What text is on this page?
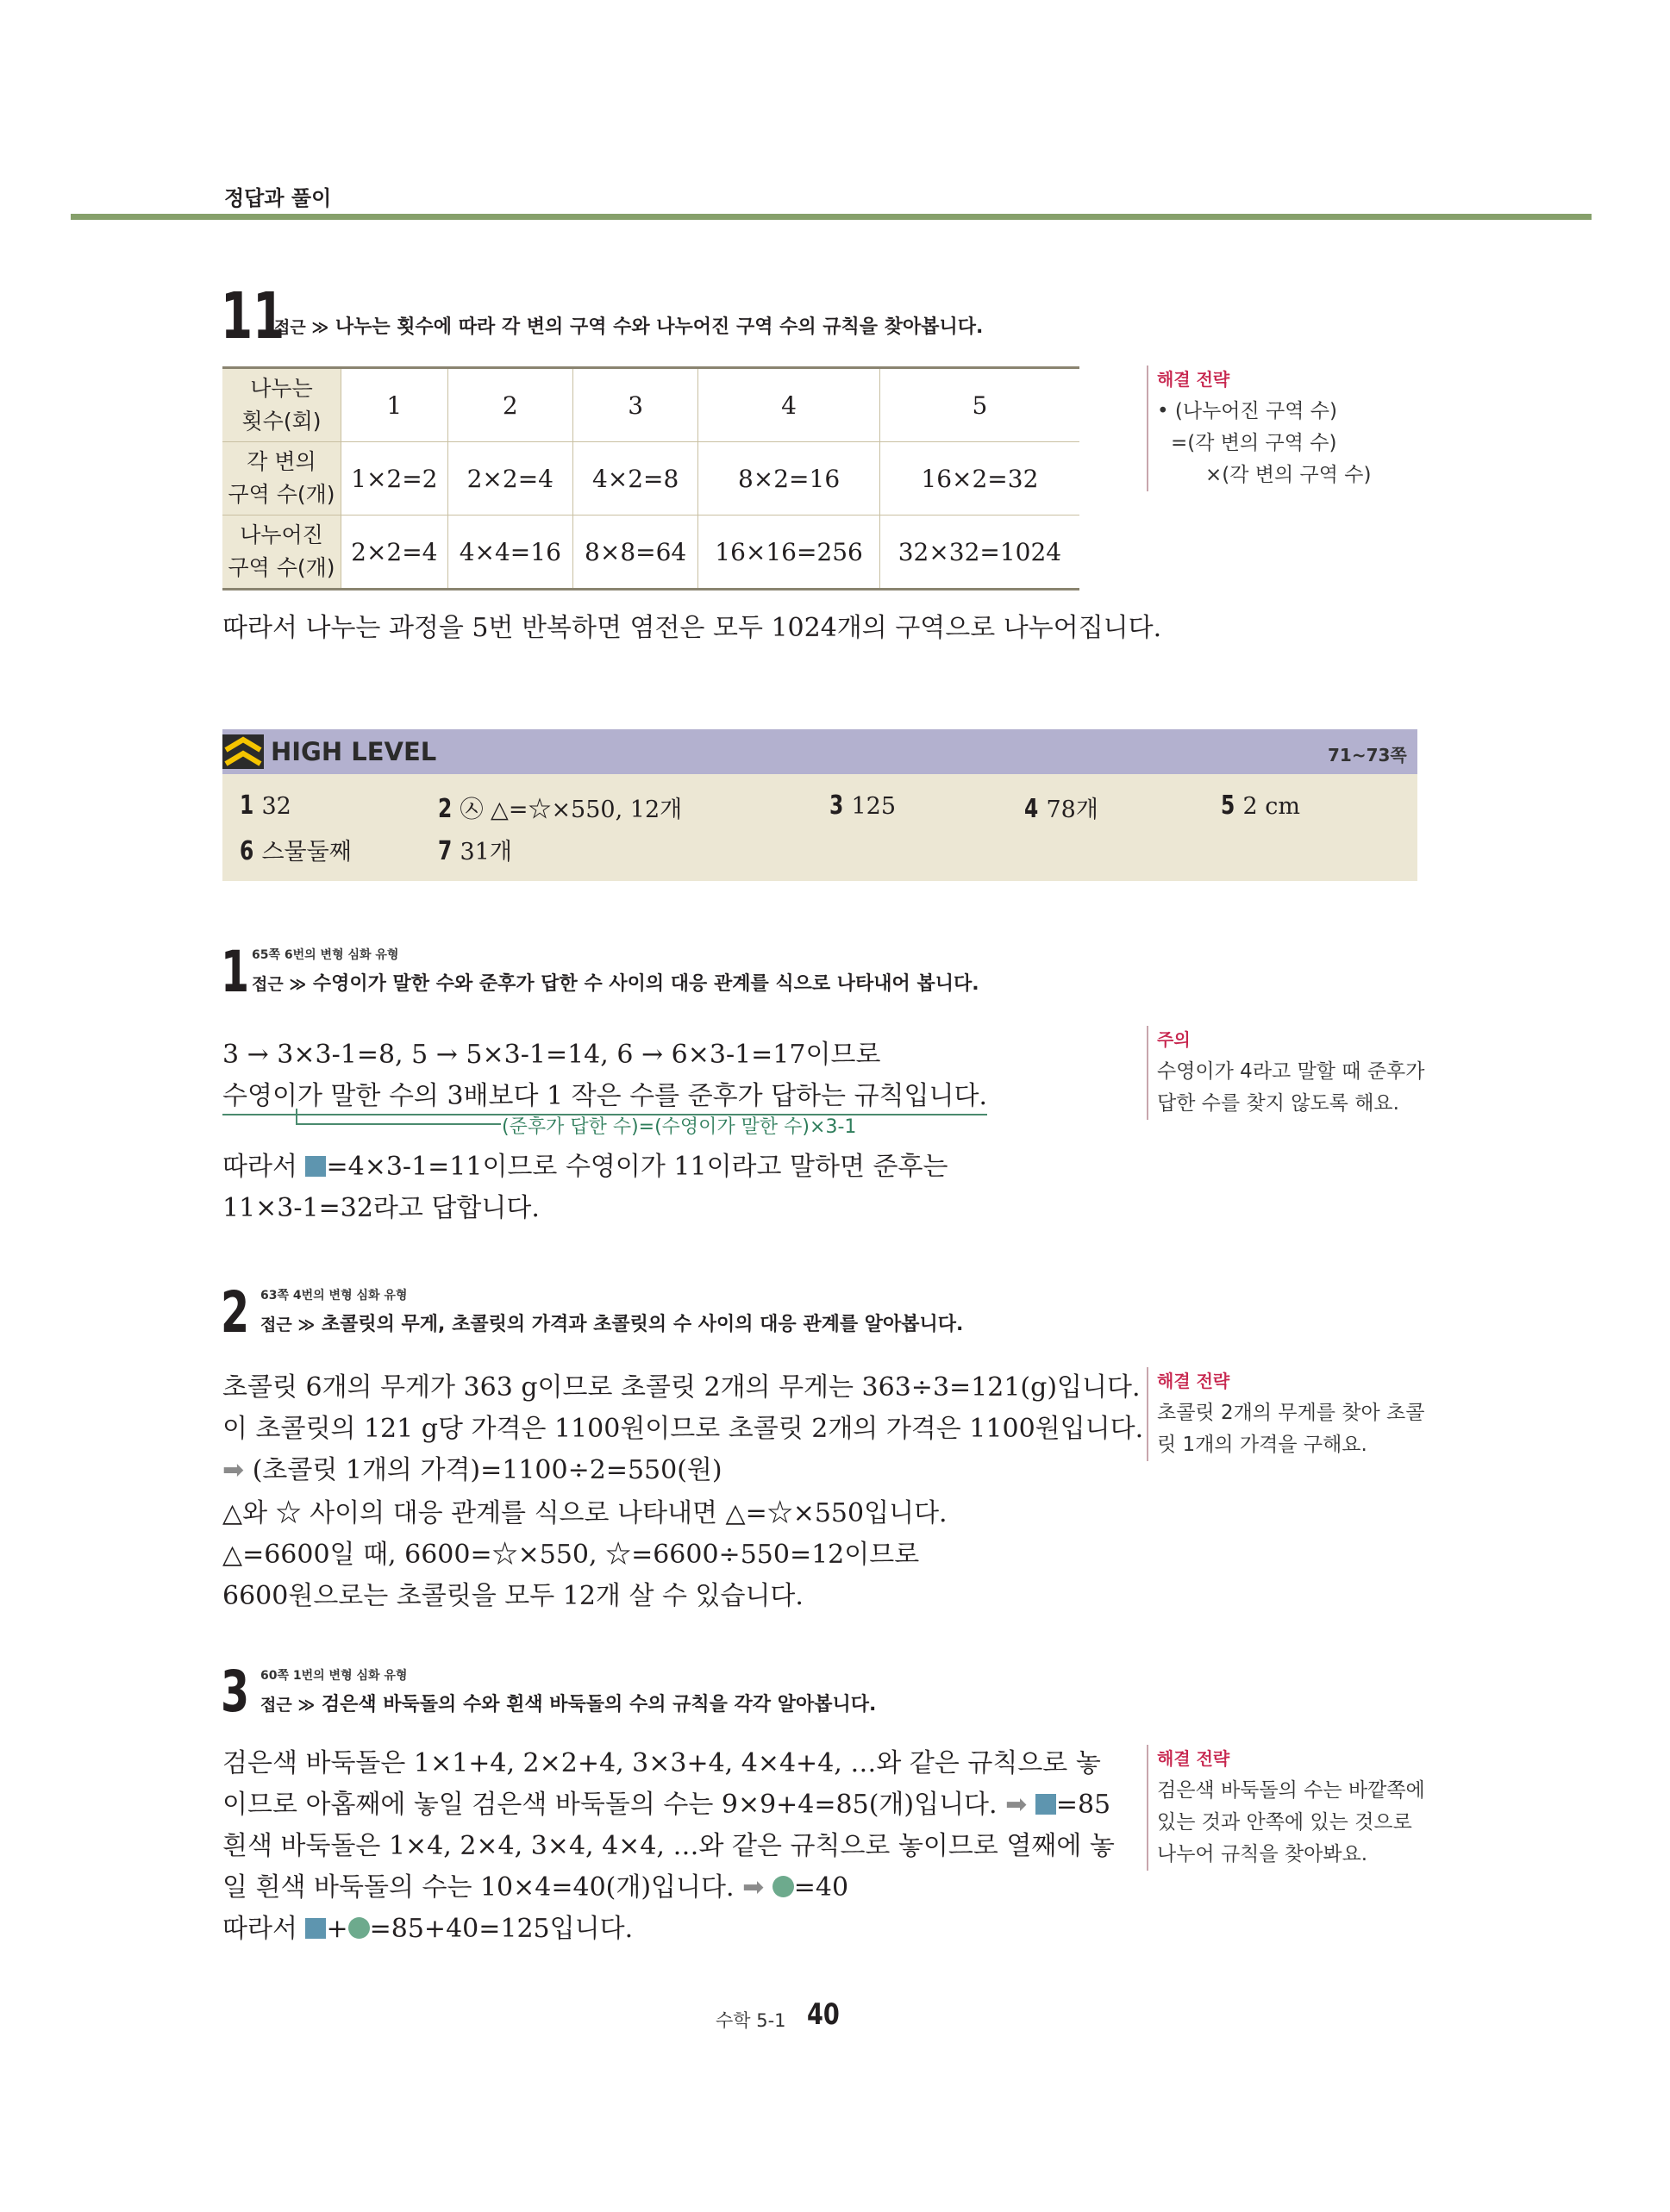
정답과 풀이
11
접근 ≫ 나누는 횟수에 따라 각 변의 구역 수와 나누어진 구역 수의 규칙을 찾아봅니다.
나누는
횟수(회)	1	2	3	4	5
각 변의
구역 수(개)	1×2=2	2×2=4	4×2=8	8×2=16	16×2=32
나누어진
구역 수(개)	2×2=4	4×4=16	8×8=64	16×16=256	32×32=1024
따라서 나누는 과정을 5번 반복하면 염전은 모두 1024개의 구역으로 나누어집니다.
해결 전략
• (나누어진 구역 수)
=(각 변의 구역 수)
×(각 변의 구역 수)
HIGH LEVEL	71~73쪽
1 32	2 ㉦ △=☆×550, 12개	3 125	4 78개	5 2 cm
6 스물둘째	7 31개
1 65쪽 6번의 변형 심화 유형
접근 ≫ 수영이가 말한 수와 준후가 답한 수 사이의 대응 관계를 식으로 나타내어 봅니다.
3 → 3×3-1=8, 5 → 5×3-1=14, 6 → 6×3-1=17이므로
수영이가 말한 수의 3배보다 1 작은 수를 준후가 답하는 규칙입니다.
(준후가 답한 수)=(수영이가 말한 수)×3-1
따라서 =4×3-1=11이므로 수영이가 11이라고 말하면 준후는
11×3-1=32라고 답합니다.
주의
수영이가 4라고 말할 때 준후가 답한 수를 찾지 않도록 해요.
2 63쪽 4번의 변형 심화 유형
접근 ≫ 초콜릿의 무게, 초콜릿의 가격과 초콜릿의 수 사이의 대응 관계를 알아봅니다.
초콜릿 6개의 무게가 363 g이므로 초콜릿 2개의 무게는 363÷3=121(g)입니다.
이 초콜릿의 121 g당 가격은 1100원이므로 초콜릿 2개의 가격은 1100원입니다.
➡ (초콜릿 1개의 가격)=1100÷2=550(원)
△와 ☆ 사이의 대응 관계를 식으로 나타내면 △=☆×550입니다.
△=6600일 때, 6600=☆×550, ☆=6600÷550=12이므로
6600원으로는 초콜릿을 모두 12개 살 수 있습니다.
해결 전략
초콜릿 2개의 무게를 찾아 초콜릿 1개의 가격을 구해요.
3 60쪽 1번의 변형 심화 유형
접근 ≫ 검은색 바둑돌의 수와 흰색 바둑돌의 수의 규칙을 각각 알아봅니다.
검은색 바둑돌은 1×1+4, 2×2+4, 3×3+4, 4×4+4, …와 같은 규칙으로 놓
이므로 아홉째에 놓일 검은색 바둑돌의 수는 9×9+4=85(개)입니다. ➡ =85
흰색 바둑돌은 1×4, 2×4, 3×4, 4×4, …와 같은 규칙으로 놓이므로 열째에 놓
일 흰색 바둑돌의 수는 10×4=40(개)입니다. ➡ =40
따라서 + =85+40=125입니다.
해결 전략
검은색 바둑돌의 수는 바깥쪽에 있는 것과 안쪽에 있는 것으로 나누어 규칙을 찾아봐요.
수학 5-1 40
